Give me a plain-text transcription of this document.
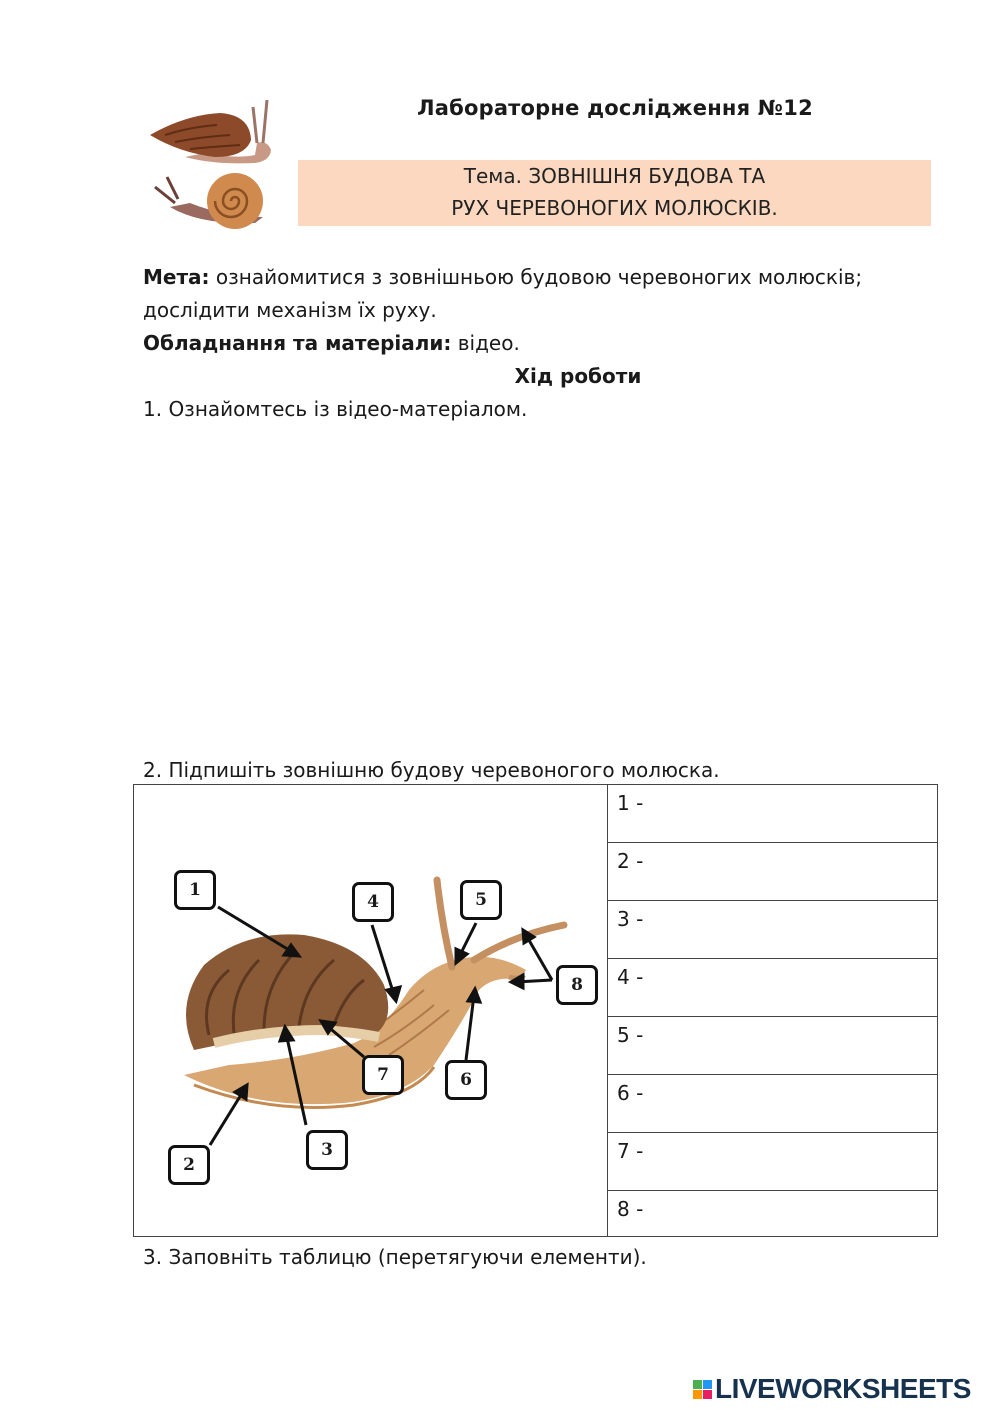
Лабораторне дослідження №12
Тема. ЗОВНІШНЯ БУДОВА ТА
РУХ ЧЕРЕВОНОГИХ МОЛЮСКІВ.
Мета: ознайомитися з зовнішньою будовою черевоногих молюсків;
дослідити механізм їх руху.
Обладнання та матеріали: відео.
Хід роботи
1. Ознайомтесь із відео-матеріалом.
2. Підпишіть зовнішню будову черевоногого молюска.
1
2
3
4	5
6
7
8
1 -
2 -
3 -
4 -
5 -
6 -
7 -
8 -
3. Заповніть таблицю (перетягуючи елементи).
LIVEWORKSHEETS
